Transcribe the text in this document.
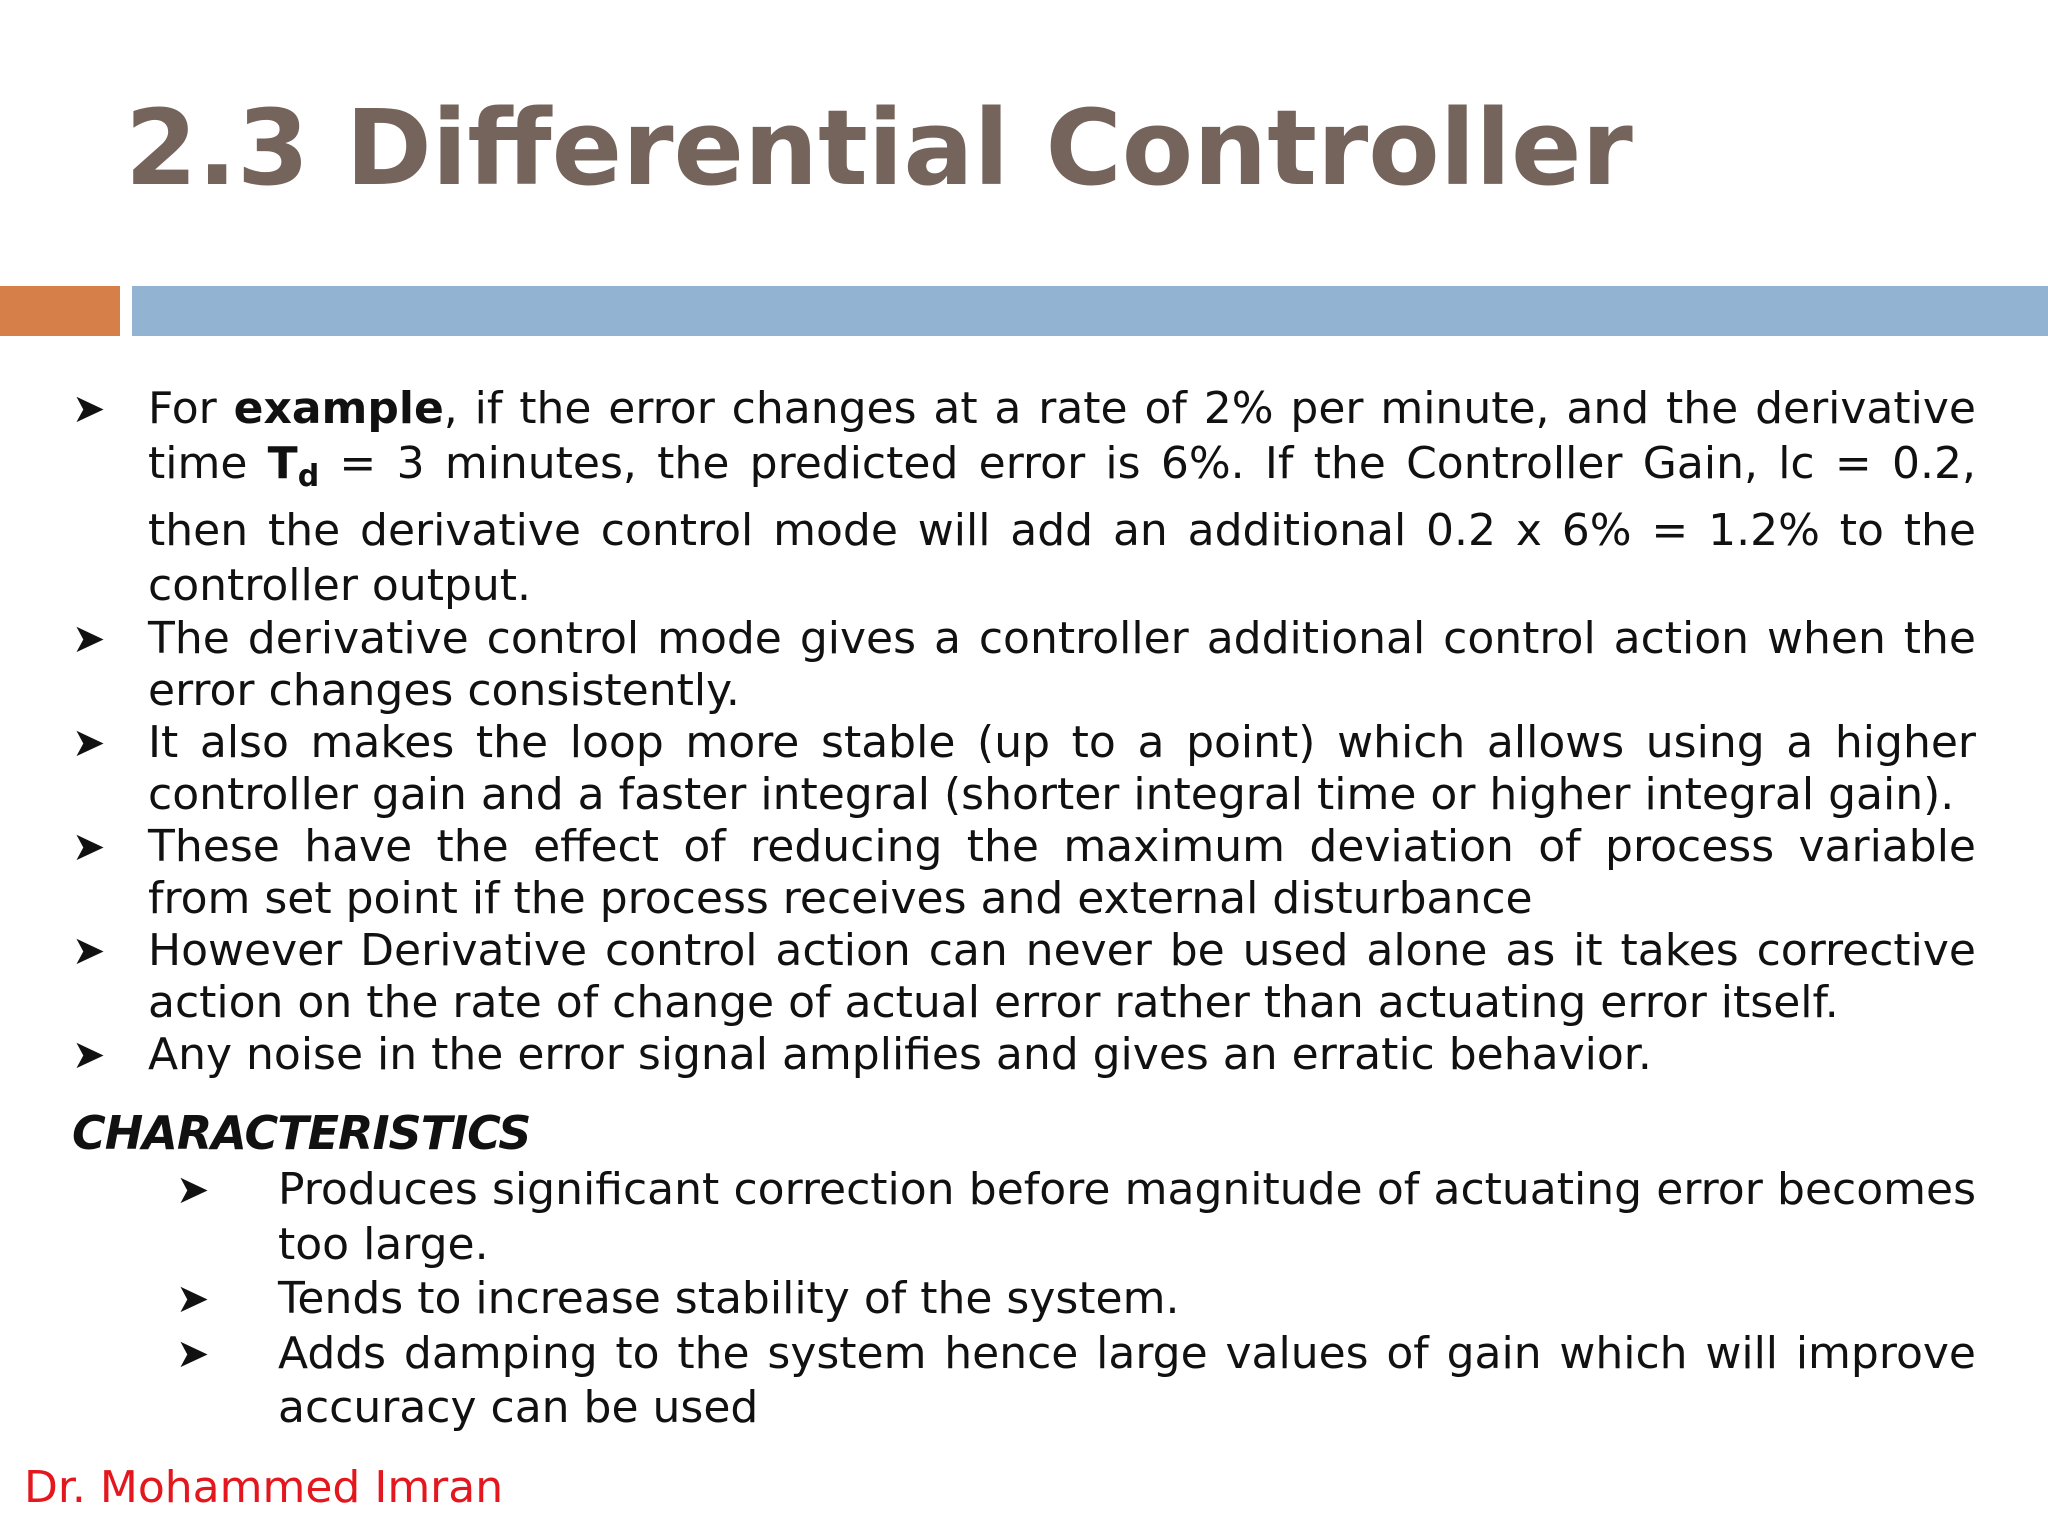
2.3 Differential Controller
➤ For example, if the error changes at a rate of 2% per minute, and the derivative time $T_d = 3$ minutes, the predicted error is 6%. If the Controller Gain, lc = 0.2, then the derivative control mode will add an additional 0.2 x 6% = 1.2% to the controller output.
➤ The derivative control mode gives a controller additional control action when the error changes consistently.
➤ It also makes the loop more stable (up to a point) which allows using a higher controller gain and a faster integral (shorter integral time or higher integral gain).
➤ These have the effect of reducing the maximum deviation of process variable from set point if the process receives and external disturbance
➤ However Derivative control action can never be used alone as it takes corrective action on the rate of change of actual error rather than actuating error itself.
➤ Any noise in the error signal amplifies and gives an erratic behavior.
CHARACTERISTICS
➤ Produces significant correction before magnitude of actuating error becomes too large.
➤ Tends to increase stability of the system.
➤ Adds damping to the system hence large values of gain which will improve accuracy can be used

Dr. Mohammed Imran
